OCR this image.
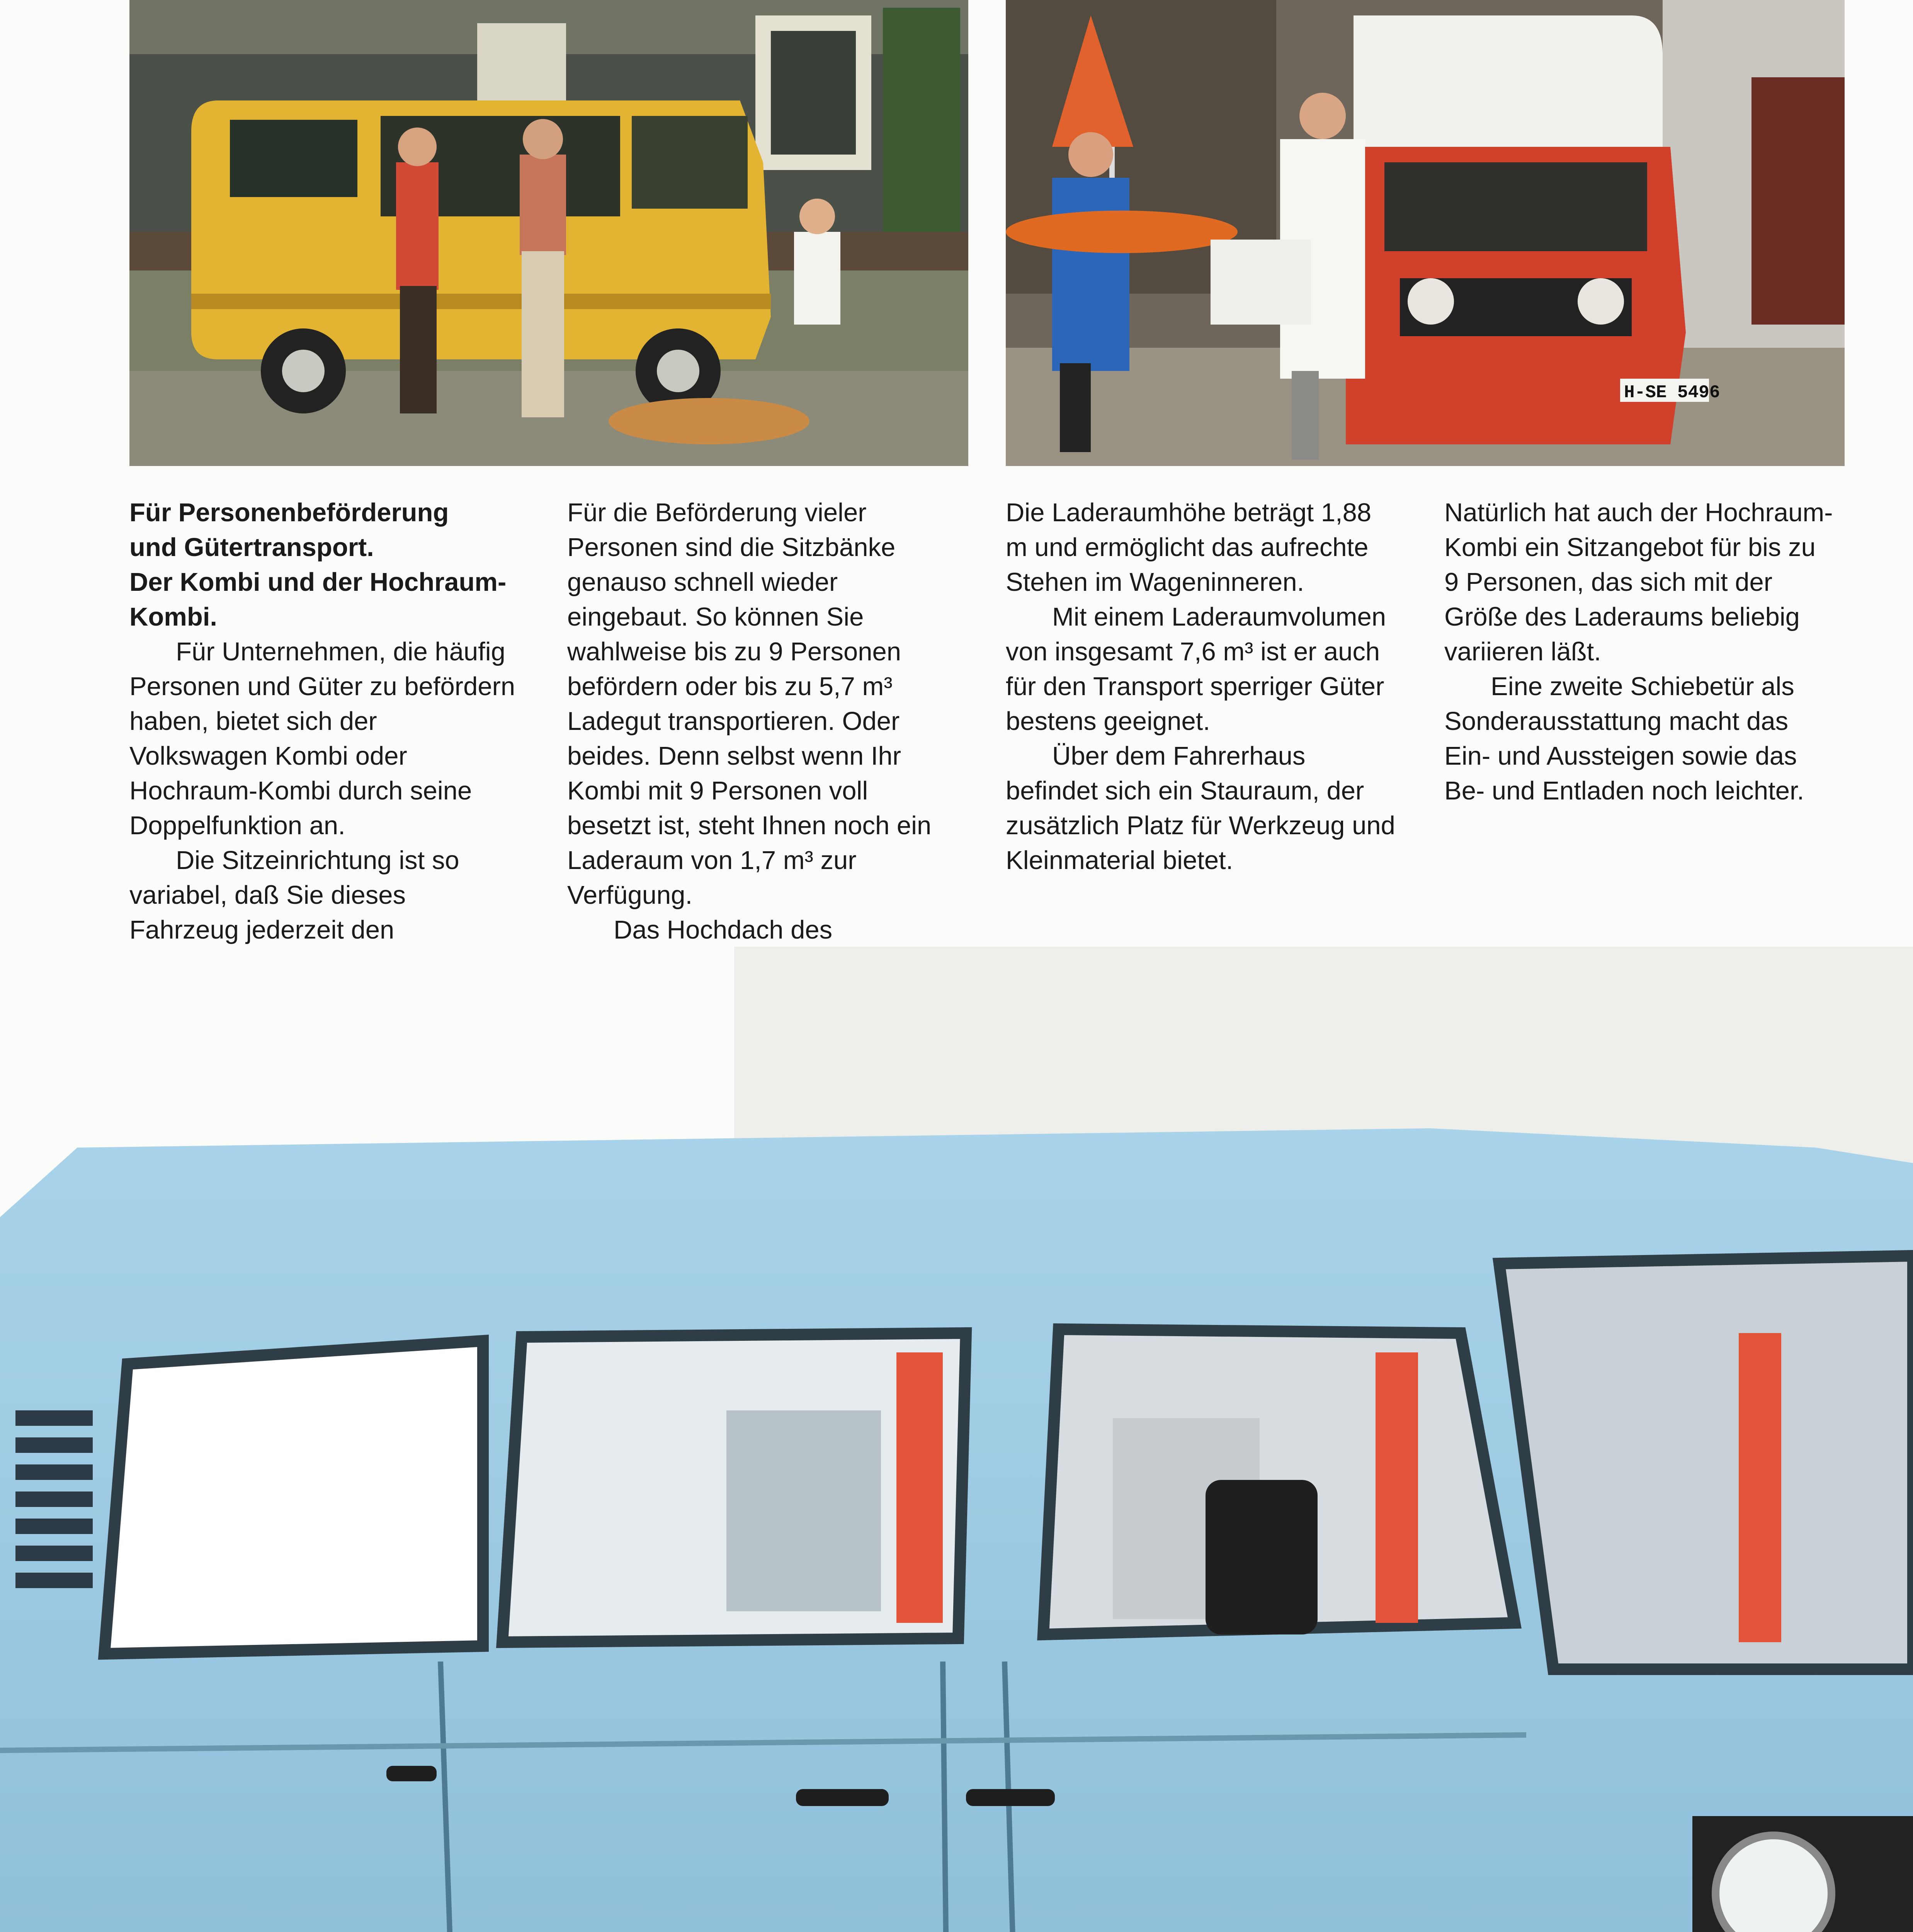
H-SE 5496
Für Personenbeförderung
und Gütertransport.
Der Kombi und der Hochraum-
Kombi.

Für Unternehmen, die häufig Personen und Güter zu befördern haben, bietet sich der Volkswagen Kombi oder Hochraum-Kombi durch seine Doppelfunktion an.

Die Sitzeinrichtung ist so variabel, daß Sie dieses Fahrzeug jederzeit den

Für die Beförderung vieler Personen sind die Sitzbänke genauso schnell wieder eingebaut. So können Sie wahlweise bis zu 9 Personen befördern oder bis zu 5,7 m³ Ladegut transportieren. Oder beides. Denn selbst wenn Ihr Kombi mit 9 Personen voll besetzt ist, steht Ihnen noch ein Laderaum von 1,7 m³ zur Verfügung.

Das Hochdach des

Die Laderaumhöhe beträgt 1,88 m und ermöglicht das aufrechte Stehen im Wageninneren.

Mit einem Laderaumvolumen von insgesamt 7,6 m³ ist er auch für den Transport sperriger Güter bestens geeignet.

Über dem Fahrerhaus befindet sich ein Stauraum, der zusätzlich Platz für Werkzeug und Kleinmaterial bietet.

Natürlich hat auch der Hochraum-Kombi ein Sitzangebot für bis zu 9 Personen, das sich mit der Größe des Laderaums beliebig variieren läßt.

Eine zweite Schiebetür als Sonderausstattung macht das Ein- und Aussteigen sowie das Be- und Entladen noch leichter.
